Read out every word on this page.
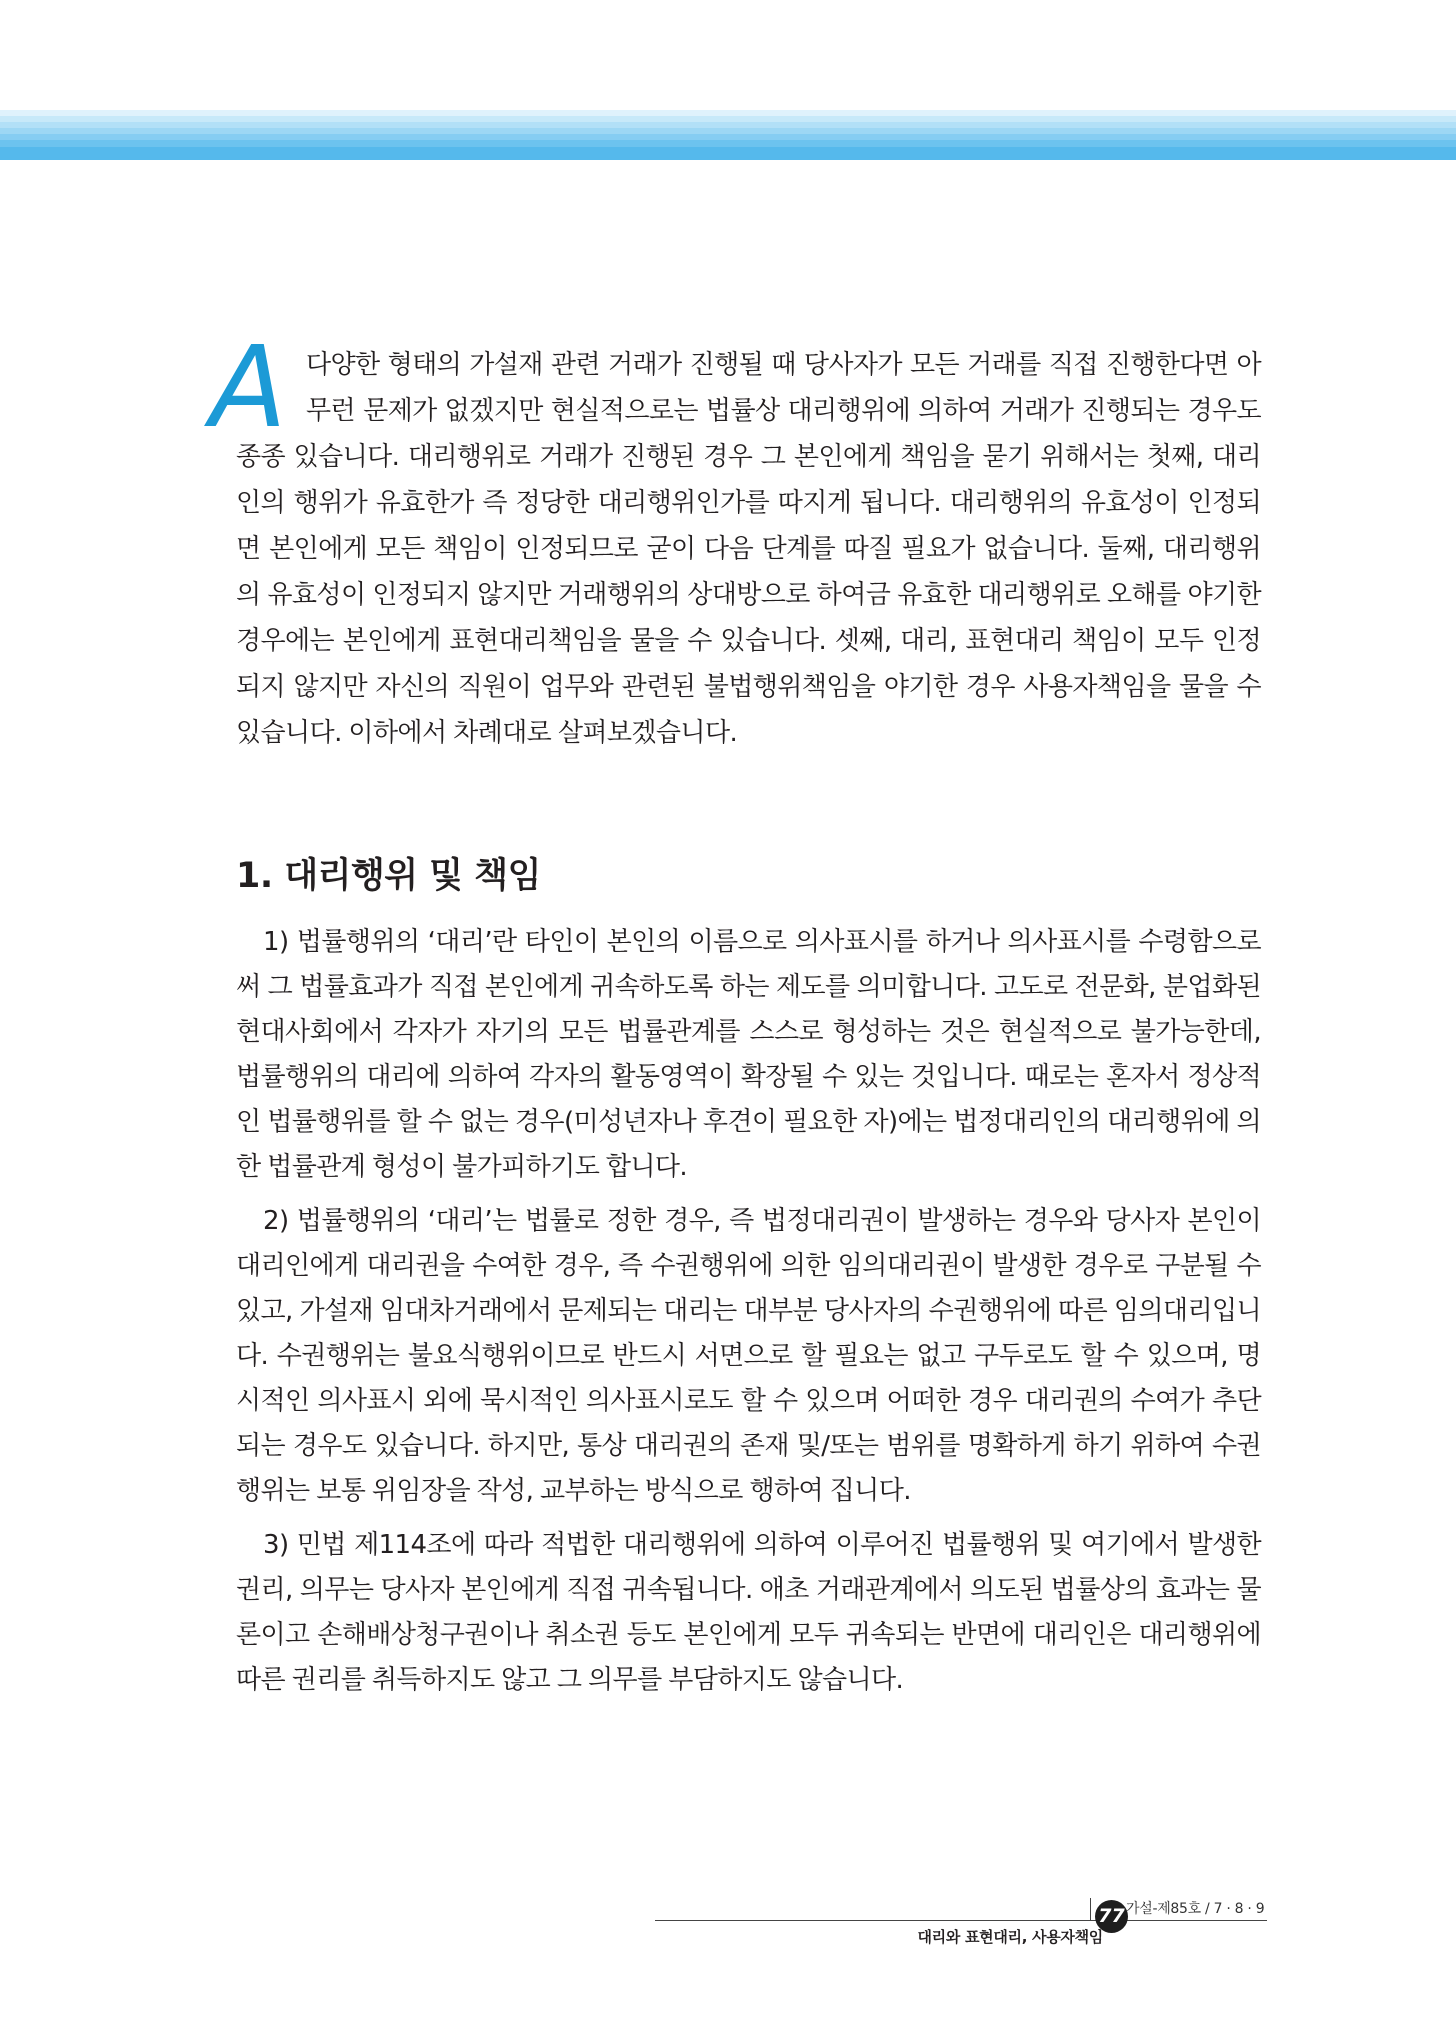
A 다양한 형태의 가설재 관련 거래가 진행될 때 당사자가 모든 거래를 직접 진행한다면 아무런 문제가 없겠지만 현실적으로는 법률상 대리행위에 의하여 거래가 진행되는 경우도 종종 있습니다. 대리행위로 거래가 진행된 경우 그 본인에게 책임을 묻기 위해서는 첫째, 대리인의 행위가 유효한가 즉 정당한 대리행위인가를 따지게 됩니다. 대리행위의 유효성이 인정되면 본인에게 모든 책임이 인정되므로 굳이 다음 단계를 따질 필요가 없습니다. 둘째, 대리행위의 유효성이 인정되지 않지만 거래행위의 상대방으로 하여금 유효한 대리행위로 오해를 야기한 경우에는 본인에게 표현대리책임을 물을 수 있습니다. 셋째, 대리, 표현대리 책임이 모두 인정되지 않지만 자신의 직원이 업무와 관련된 불법행위책임을 야기한 경우 사용자책임을 물을 수 있습니다. 이하에서 차례대로 살펴보겠습니다.

1. 대리행위 및 책임

1) 법률행위의 ‘대리’란 타인이 본인의 이름으로 의사표시를 하거나 의사표시를 수령함으로써 그 법률효과가 직접 본인에게 귀속하도록 하는 제도를 의미합니다. 고도로 전문화, 분업화된 현대사회에서 각자가 자기의 모든 법률관계를 스스로 형성하는 것은 현실적으로 불가능한데, 법률행위의 대리에 의하여 각자의 활동영역이 확장될 수 있는 것입니다. 때로는 혼자서 정상적인 법률행위를 할 수 없는 경우(미성년자나 후견이 필요한 자)에는 법정대리인의 대리행위에 의한 법률관계 형성이 불가피하기도 합니다.

2) 법률행위의 ‘대리’는 법률로 정한 경우, 즉 법정대리권이 발생하는 경우와 당사자 본인이 대리인에게 대리권을 수여한 경우, 즉 수권행위에 의한 임의대리권이 발생한 경우로 구분될 수 있고, 가설재 임대차거래에서 문제되는 대리는 대부분 당사자의 수권행위에 따른 임의대리입니다. 수권행위는 불요식행위이므로 반드시 서면으로 할 필요는 없고 구두로도 할 수 있으며, 명시적인 의사표시 외에 묵시적인 의사표시로도 할 수 있으며 어떠한 경우 대리권의 수여가 추단되는 경우도 있습니다. 하지만, 통상 대리권의 존재 및/또는 범위를 명확하게 하기 위하여 수권행위는 보통 위임장을 작성, 교부하는 방식으로 행하여 집니다.

3) 민법 제114조에 따라 적법한 대리행위에 의하여 이루어진 법률행위 및 여기에서 발생한 권리, 의무는 당사자 본인에게 직접 귀속됩니다. 애초 거래관계에서 의도된 법률상의 효과는 물론이고 손해배상청구권이나 취소권 등도 본인에게 모두 귀속되는 반면에 대리인은 대리행위에 따른 권리를 취득하지도 않고 그 의무를 부담하지도 않습니다.

77 가설-제85호 / 7 · 8 · 9
대리와 표현대리, 사용자책임
